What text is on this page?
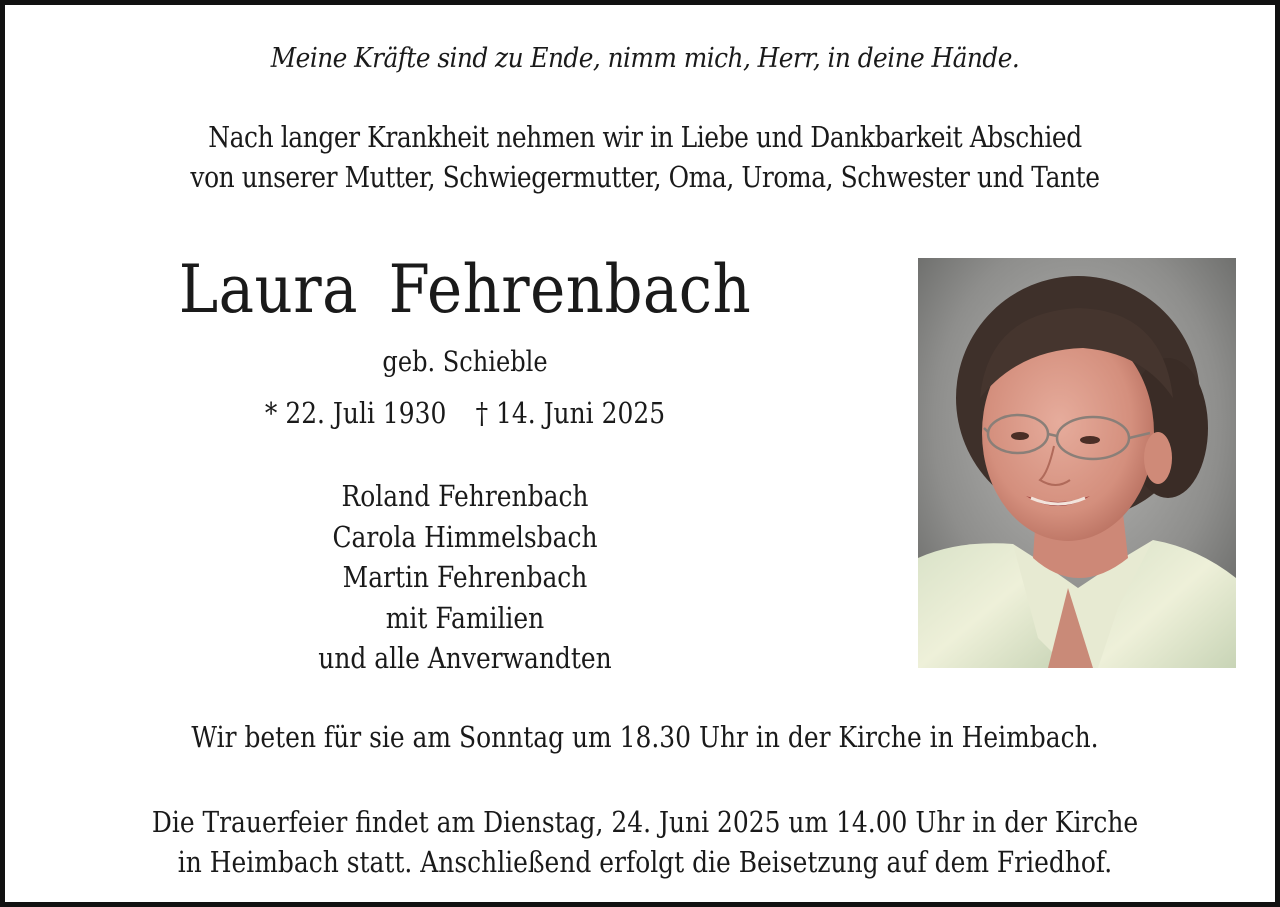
Meine Kräfte sind zu Ende, nimm mich, Herr, in deine Hände.
Nach langer Krankheit nehmen wir in Liebe und Dankbarkeit Abschied
von unserer Mutter, Schwiegermutter, Oma, Uroma, Schwester und Tante
Laura Fehrenbach
geb. Schieble
* 22. Juli 1930 † 14. Juni 2025
Roland Fehrenbach
Carola Himmelsbach
Martin Fehrenbach
mit Familien
und alle Anverwandten
Wir beten für sie am Sonntag um 18.30 Uhr in der Kirche in Heimbach.
Die Trauerfeier findet am Dienstag, 24. Juni 2025 um 14.00 Uhr in der Kirche
in Heimbach statt. Anschließend erfolgt die Beisetzung auf dem Friedhof.
